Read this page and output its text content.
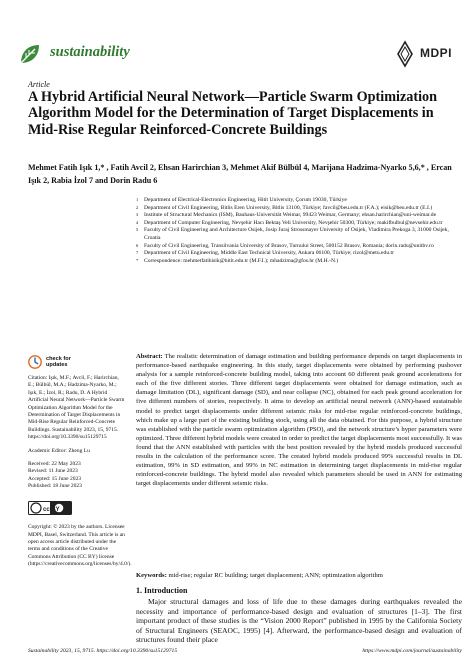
sustainability	MDPI
Article
A Hybrid Artificial Neural Network—Particle Swarm Optimization Algorithm Model for the Determination of Target Displacements in Mid-Rise Regular Reinforced-Concrete Buildings
Mehmet Fatih Işık 1,* , Fatih Avcil 2, Ehsan Harirchian 3, Mehmet Akif Bülbül 4, Marijana Hadzima-Nyarko 5,6,* , Ercan Işık 2, Rabia İzol 7 and Dorin Radu 6
1 Department of Electrical-Electronics Engineering, Hitit University, Çorum 19030, Türkiye
2 Department of Civil Engineering, Bitlis Eren University, Bitlis 13100, Türkiye; favcil@beu.edu.tr (F.A.); eisik@beu.edu.tr (E.I.)
3 Institute of Structural Mechanics (ISM), Bauhaus-Universität Weimar, 99423 Weimar, Germany; ehsan.harirchian@uni-weimar.de
4 Department of Computer Engineering, Nevşehir Hacı Bektaş Veli University, Nevşehir 50300, Türkiye; makifbulbul@nevsehir.edu.tr
5 Faculty of Civil Engineering and Architecture Osijek, Josip Juraj Strossmayer University of Osijek, Vladimira Prekoga 3, 31000 Osijek, Croatia
6 Faculty of Civil Engineering, Transilvania University of Brasov, Turnului Street, 500152 Brasov, Romania; dorin.radu@unitbv.ro
7 Department of Civil Engineering, Middle East Technical University, Ankara 06100, Türkiye; rizol@metu.edu.tr
* Correspondence: mehmetfatihisik@hitit.edu.tr (M.F.I.); mhadzima@gfos.hr (M.H.-N.)
check for
updates
Citation: Işık, M.F.; Avcil, F.; Harirchian, E.; Bülbül, M.A.; Hadzima-Nyarko, M.; Işık, E.; İzol, R.; Radu, D. A Hybrid Artificial Neural Network—Particle Swarm Optimization Algorithm Model for the Determination of Target Displacements in Mid-Rise Regular Reinforced-Concrete Buildings. Sustainability 2023, 15, 9715. https://doi.org/10.3390/su15129715
Academic Editor: Zheng Lu
Received: 22 May 2023
Revised: 11 June 2023
Accepted: 15 June 2023
Published: 18 June 2023
cc BY
Copyright: © 2023 by the authors. Licensee MDPI, Basel, Switzerland. This article is an open access article distributed under the terms and conditions of the Creative Commons Attribution (CC BY) license (https://creativecommons.org/licenses/by/4.0/).
Abstract: The realistic determination of damage estimation and building performance depends on target displacements in performance-based earthquake engineering. In this study, target displacements were obtained by performing pushover analysis for a sample reinforced-concrete building model, taking into account 60 different peak ground accelerations for each of the five different stories. Three different target displacements were obtained for damage estimation, such as damage limitation (DL), significant damage (SD), and near collapse (NC), obtained for each peak ground acceleration for five different numbers of stories, respectively. It aims to develop an artificial neural network (ANN)-based sustainable model to predict target displacements under different seismic risks for mid-rise regular reinforced-concrete buildings, which make up a large part of the existing building stock, using all the data obtained. For this purpose, a hybrid structure was established with the particle swarm optimization algorithm (PSO), and the network structure’s hyper parameters were optimized. Three different hybrid models were created in order to predict the target displacements most successfully. It was found that the ANN established with particles with the best position revealed by the hybrid models produced successful results in the calculation of the performance score. The created hybrid models produced 99% successful results in DL estimation, 99% in SD estimation, and 99% in NC estimation in determining target displacements in mid-rise regular reinforced-concrete buildings. The hybrid model also revealed which parameters should be used in ANN for estimating target displacements under different seismic risks.
Keywords: mid-rise; regular RC building; target displacement; ANN; optimization algorithm
1. Introduction

Major structural damages and loss of life due to these damages during earthquakes revealed the necessity and importance of performance-based design and evaluation of structures [1–3]. The first important product of these studies is the “Vision 2000 Report” published in 1995 by the California Society of Structural Engineers (SEAOC, 1995) [4]. Afterward, the performance-based design and evaluation of structures found their place

Sustainability 2023, 15, 9715. https://doi.org/10.3390/su15129715	https://www.mdpi.com/journal/sustainability
